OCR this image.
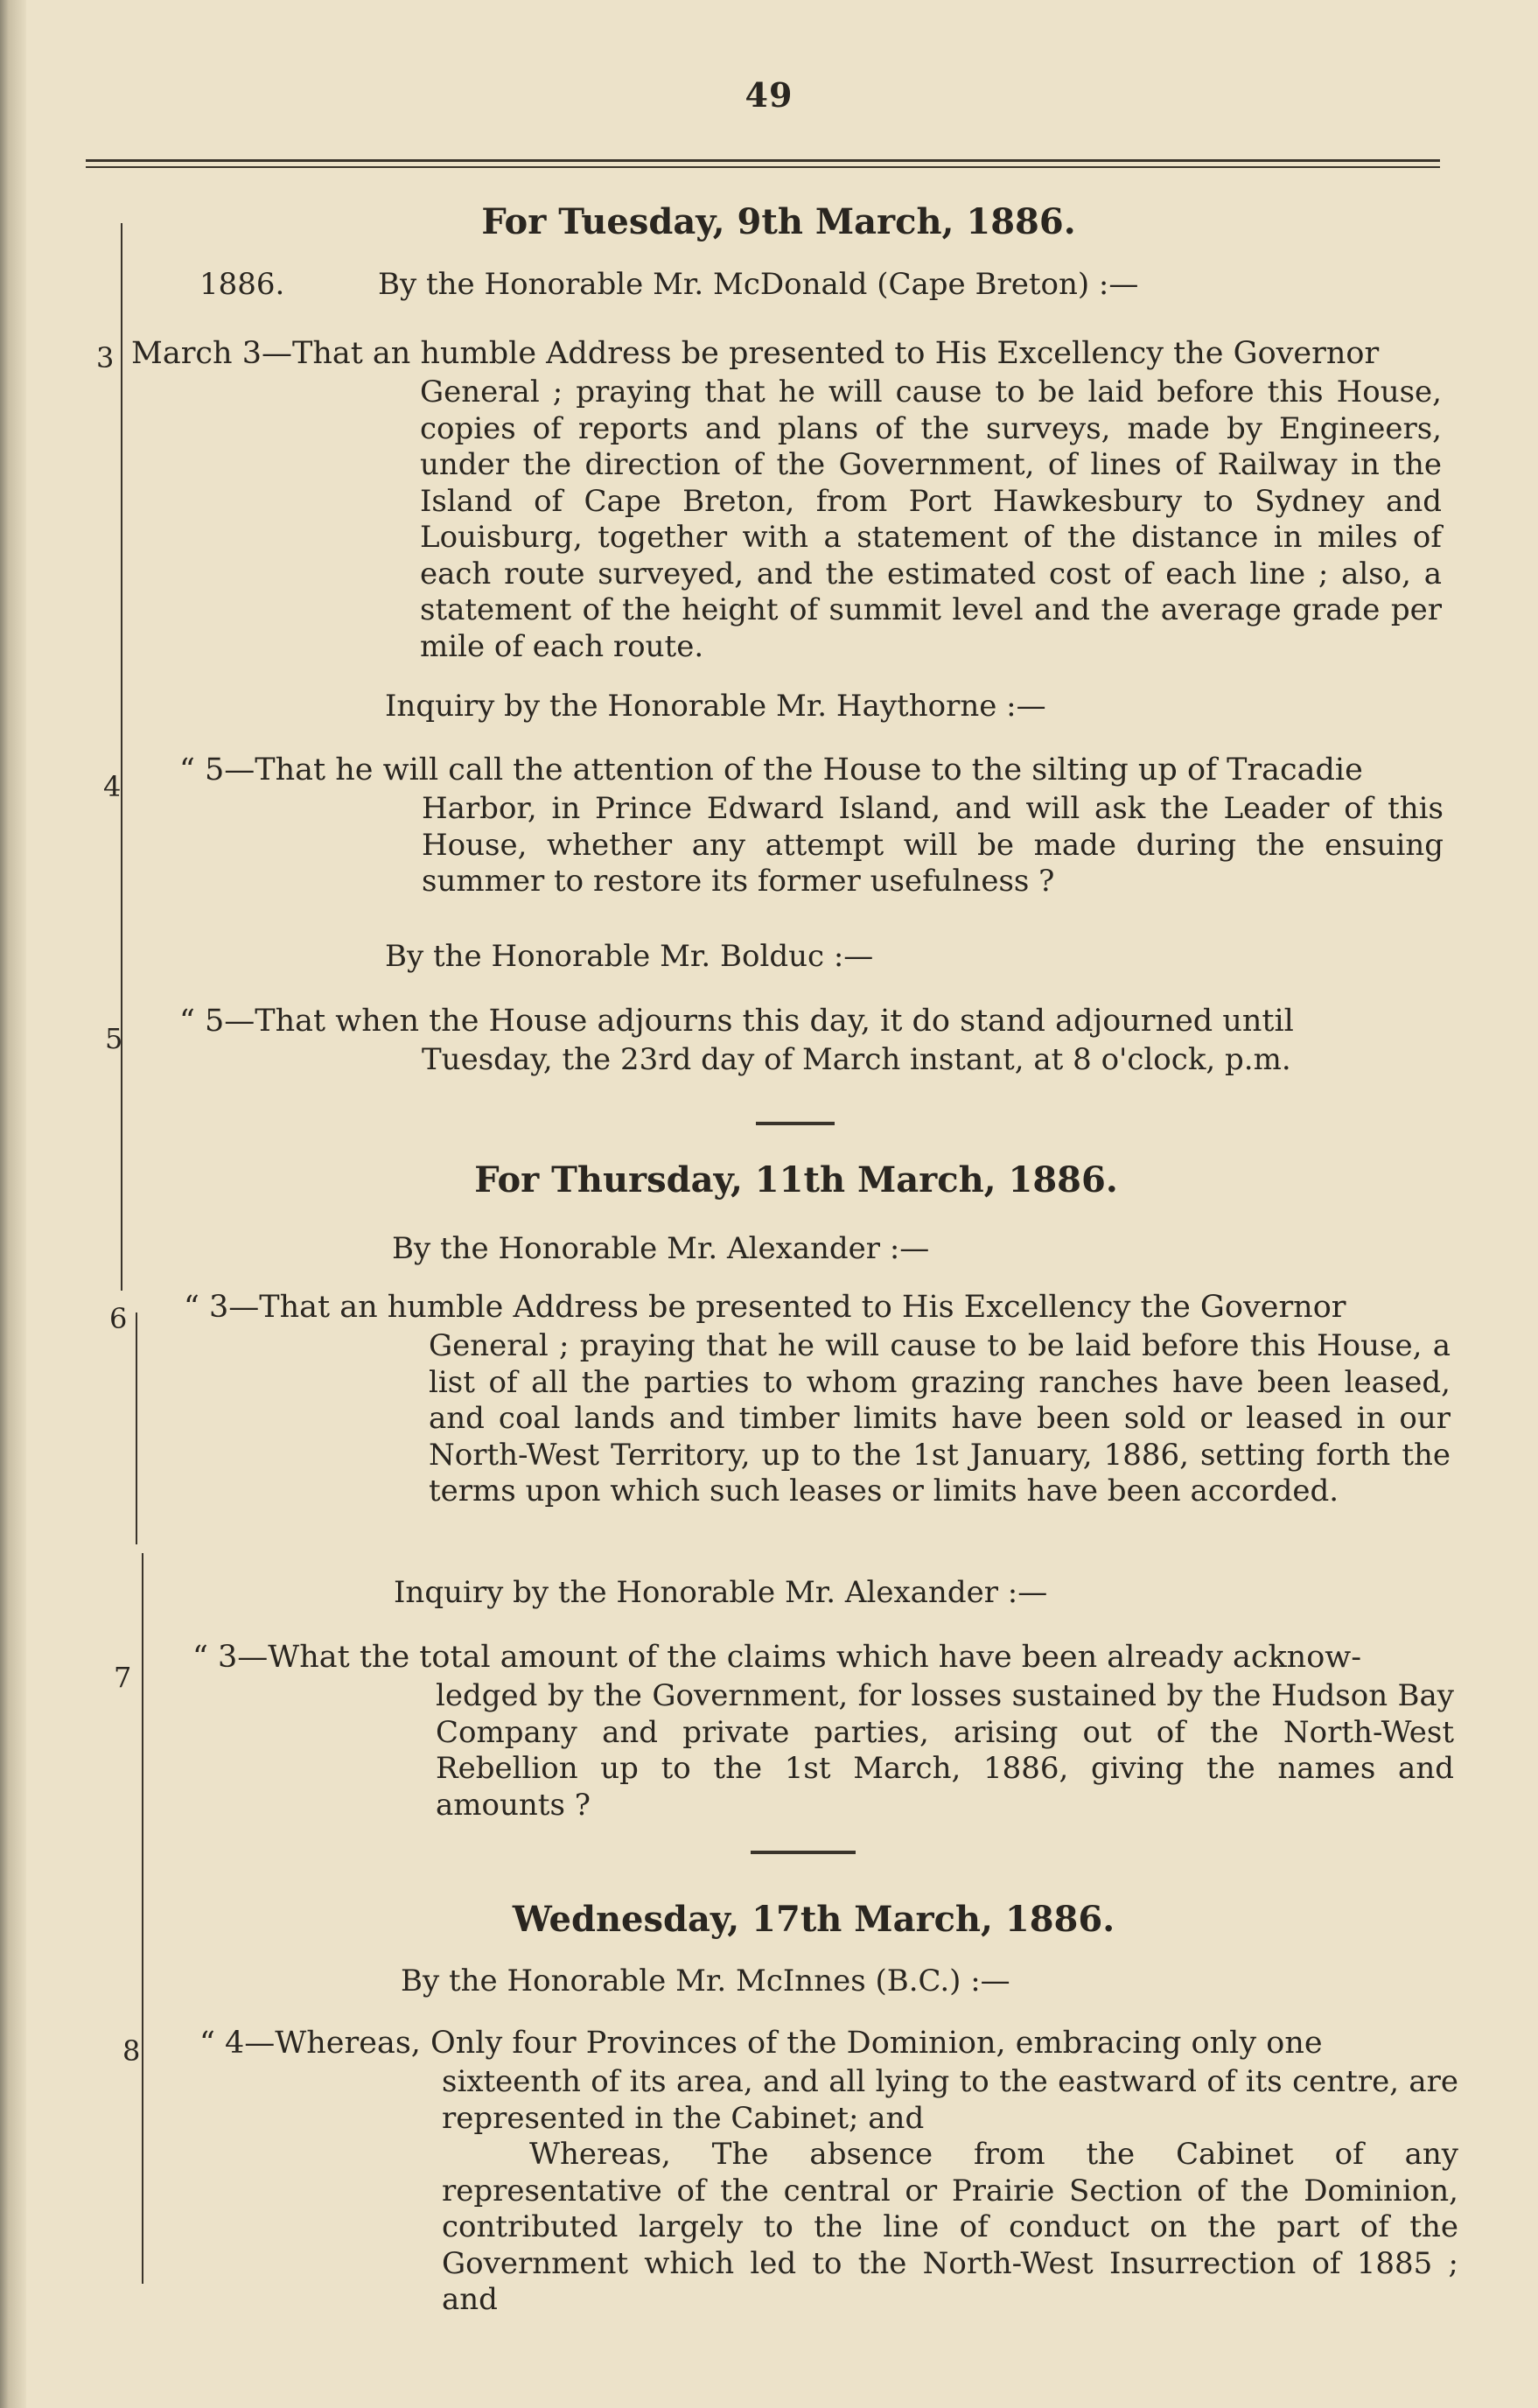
49
For Tuesday, 9th March, 1886.
1886.	By the Honorable Mr. McDonald (Cape Breton) :—
3 March 3—That an humble Address be presented to His Excellency the Governor

General ; praying that he will cause to be laid before this House, copies of reports and plans of the surveys, made by Engineers, under the direction of the Government, of lines of Railway in the Island of Cape Breton, from Port Hawkesbury to Sydney and Louisburg, together with a statement of the distance in miles of each route surveyed, and the estimated cost of each line ; also, a statement of the height of summit level and the average grade per mile of each route.

Inquiry by the Honorable Mr. Haythorne :—
4 “ 5—That he will call the attention of the House to the silting up of Tracadie

Harbor, in Prince Edward Island, and will ask the Leader of this House, whether any attempt will be made during the ensuing summer to restore its former usefulness ?

By the Honorable Mr. Bolduc :—
5 “ 5—That when the House adjourns this day, it do stand adjourned until

Tuesday, the 23rd day of March instant, at 8 o'clock, p.m.

For Thursday, 11th March, 1886.
By the Honorable Mr. Alexander :—
6 “ 3—That an humble Address be presented to His Excellency the Governor

General ; praying that he will cause to be laid before this House, a list of all the parties to whom grazing ranches have been leased, and coal lands and timber limits have been sold or leased in our North-West Territory, up to the 1st January, 1886, setting forth the terms upon which such leases or limits have been accorded.

Inquiry by the Honorable Mr. Alexander :—
7
“ 3—What the total amount of the claims which have been already acknow-

ledged by the Government, for losses sustained by the Hudson Bay Company and private parties, arising out of the North-West Rebellion up to the 1st March, 1886, giving the names and amounts ?

Wednesday, 17th March, 1886.
By the Honorable Mr. McInnes (B.C.) :—
8 “ 4—Whereas, Only four Provinces of the Dominion, embracing only one

sixteenth of its area, and all lying to the eastward of its centre, are represented in the Cabinet; and

Whereas, The absence from the Cabinet of any representative of the central or Prairie Section of the Dominion, contributed largely to the line of conduct on the part of the Government which led to the North-West Insurrection of 1885 ; and
